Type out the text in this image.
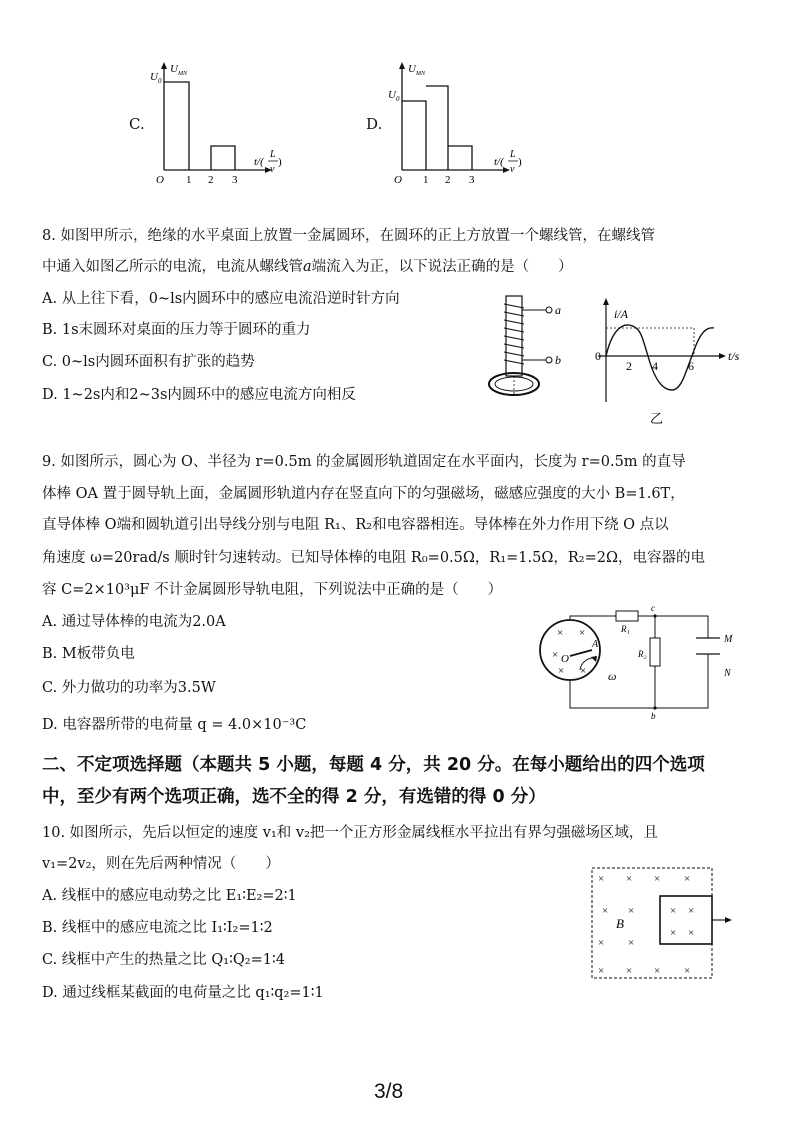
C.
$U_0$
$U_{MN}$
O 1 2 3
t/(
L
v
)
D.
$U_0$
$U_{MN}$
O 1 2 3
t/(
L
v
)
8. 如图甲所示，绝缘的水平桌面上放置一金属圆环，在圆环的正上方放置一个螺线管，在螺线管
中通入如图乙所示的电流，电流从螺线管a端流入为正，以下说法正确的是（　　）
A. 从上往下看，0~ls内圆环中的感应电流沿逆时针方向
B. 1s末圆环对桌面的压力等于圆环的重力
C. 0~ls内圆环面积有扩张的趋势
D. 1~2s内和2~3s内圆环中的感应电流方向相反
a
b
i/A
0
2 4	6
t/s
乙
9. 如图所示，圆心为 O、半径为 r=0.5m 的金属圆形轨道固定在水平面内，长度为 r=0.5m 的直导
体棒 OA 置于圆导轨上面，金属圆形轨道内存在竖直向下的匀强磁场，磁感应强度的大小 B=1.6T，
直导体棒 O端和圆轨道引出导线分别与电阻 R₁、R₂和电容器相连。导体棒在外力作用下绕 O 点以
角速度 ω=20rad/s 顺时针匀速转动。已知导体棒的电阻 R₀=0.5Ω，R₁=1.5Ω，R₂=2Ω，电容器的电
容 C=2×10³μF 不计金属圆形导轨电阻，下列说法中正确的是（　　）
A. 通过导体棒的电流为2.0A
B. M板带负电
C. 外力做功的功率为3.5W
D. 电容器所带的电荷量 q = 4.0×10⁻³C
× ×
×
× ×
O
A
ω
c
b
R₁
R₂
M
N
二、不定项选择题（本题共 5 小题，每题 4 分，共 20 分。在每小题给出的四个选项
中，至少有两个选项正确，选不全的得 2 分，有选错的得 0 分）
10. 如图所示，先后以恒定的速度 v₁和 v₂把一个正方形金属线框水平拉出有界匀强磁场区域，且
v₁=2v₂，则在先后两种情况（　　）
A. 线框中的感应电动势之比 E₁∶E₂=2∶1
B. 线框中的感应电流之比 I₁∶I₂=1∶2
C. 线框中产生的热量之比 Q₁∶Q₂=1∶4
D. 通过线框某截面的电荷量之比 q₁∶q₂=1∶1
× × × ×
× ×
× ×
× × × ×
× ×
× ×
B
3/8
